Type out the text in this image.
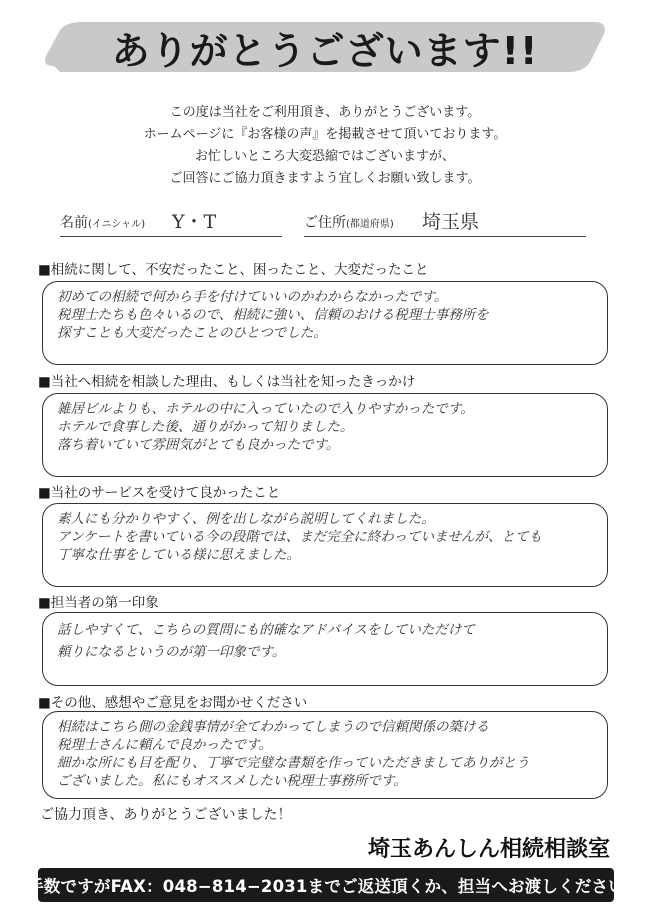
ありがとうございます!!
この度は当社をご利用頂き、ありがとうございます。
ホームページに『お客様の声』を掲載させて頂いております。
お忙しいところ大変恐縮ではございますが、
ご回答にご協力頂きますよう宜しくお願い致します。
名前(イニシャル) Y・T	ご住所(都道府県) 埼玉県
■相続に関して、不安だったこと、困ったこと、大変だったこと
初めての相続で何から手を付けていいのかわからなかったです。
税理士たちも色々いるので、相続に強い、信頼のおける税理士事務所を
探すことも大変だったことのひとつでした。
■当社へ相続を相談した理由、もしくは当社を知ったきっかけ
雑居ビルよりも、ホテルの中に入っていたので入りやすかったです。
ホテルで食事した後、通りがかって知りました。
落ち着いていて雰囲気がとても良かったです。
■当社のサービスを受けて良かったこと
素人にも分かりやすく、例を出しながら説明してくれました。
アンケートを書いている今の段階では、まだ完全に終わっていませんが、とても
丁寧な仕事をしている様に思えました。
■担当者の第一印象
話しやすくて、こちらの質問にも的確なアドバイスをしていただけて
頼りになるというのが第一印象です。
■その他、感想やご意見をお聞かせください
相続はこちら側の金銭事情が全てわかってしまうので信頼関係の築ける
税理士さんに頼んで良かったです。
細かな所にも目を配り、丁寧で完璧な書類を作っていただきましてありがとう
ございました。私にもオススメしたい税理士事務所です。
ご協力頂き、ありがとうございました！
埼玉あんしん相続相談室
お手数ですがFAX：048−814−2031までご返送頂くか、担当へお渡しください。
